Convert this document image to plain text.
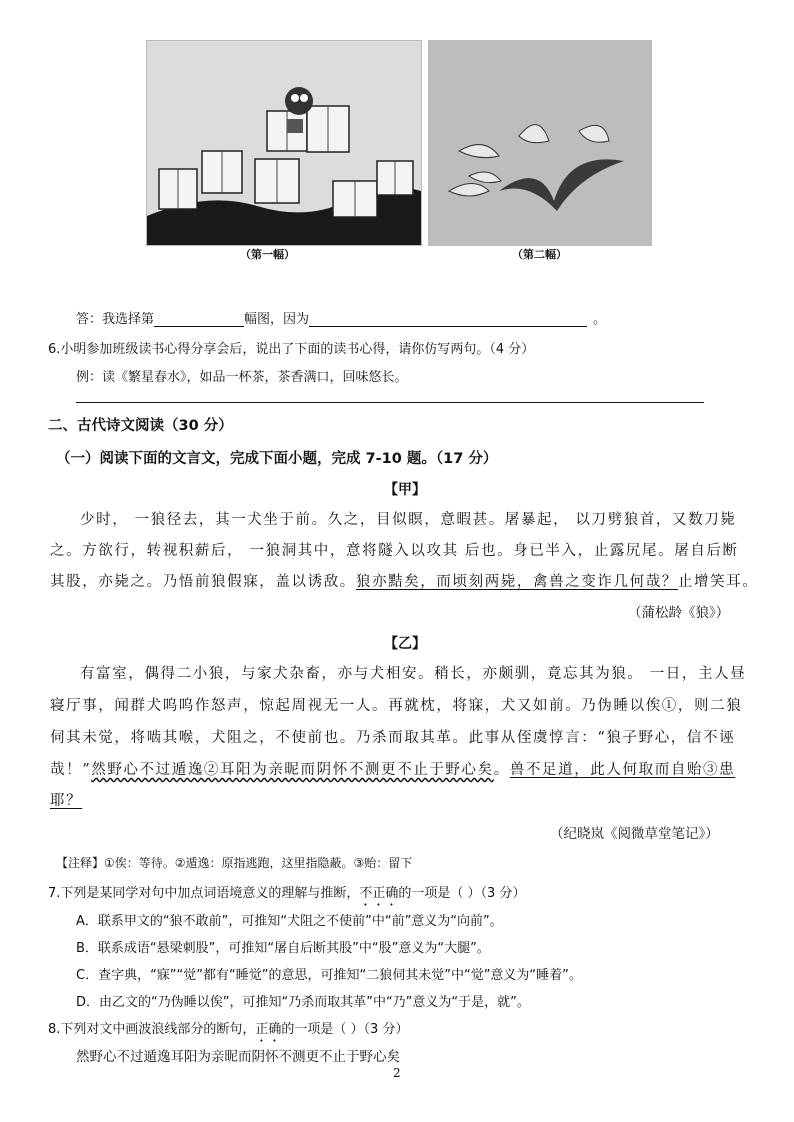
（第一幅）	（第二幅）
答：我选择第	幅图，因为	。
6.小明参加班级读书心得分享会后，说出了下面的读书心得，请你仿写两句。（4 分）
例：读《繁星春水》，如品一杯茶，茶香满口，回味悠长。
二、古代诗文阅读（30 分）
（一）阅读下面的文言文，完成下面小题，完成 7-10 题。（17 分）
【甲】
少时， 一狼径去，其一犬坐于前。久之，目似瞑，意暇甚。屠暴起， 以刀劈狼首，又数刀毙
之。方欲行，转视积薪后， 一狼洞其中，意将隧入以攻其 后也。身已半入，止露尻尾。屠自后断
其股，亦毙之。乃悟前狼假寐，盖以诱敌。狼亦黠矣，而顷刻两毙，禽兽之变诈几何哉？止增笑耳。
（蒲松龄《狼》）
【乙】
有富室，偶得二小狼，与家犬杂畜，亦与犬相安。稍长，亦颇驯，竟忘其为狼。 一日，主人昼
寝厅事，闻群犬呜呜作怒声，惊起周视无一人。再就枕，将寐，犬又如前。乃伪睡以俟①，则二狼
伺其未觉，将啮其喉，犬阻之，不使前也。乃杀而取其革。此事从侄虞惇言：“狼子野心，信不诬
哉！”然野心不过遁逸②耳阳为亲昵而阴怀不测更不止于野心矣。兽不足道，此人何取而自贻③患
耶？
（纪晓岚《阅微草堂笔记》）
【注释】①俟：等待。②遁逸：原指逃跑，这里指隐蔽。③贻：留下
7.下列是某同学对句中加点词语境意义的理解与推断，不正确的一项是（ ）（3 分）
A．联系甲文的“狼不敢前”，可推知“犬阻之不使前”中“前”意义为“向前”。
B．联系成语“悬梁刺股”，可推知“屠自后断其股”中“股”意义为“大腿”。
C．查字典，“寐”“觉”都有“睡觉”的意思，可推知“二狼伺其未觉”中“觉”意义为“睡着”。
D．由乙文的“乃伪睡以俟”，可推知“乃杀而取其革”中“乃”意义为“于是，就”。
8.下列对文中画波浪线部分的断句，正确的一项是（ ）（3 分）
然野心不过遁逸耳阳为亲昵而阴怀不测更不止于野心矣
2
